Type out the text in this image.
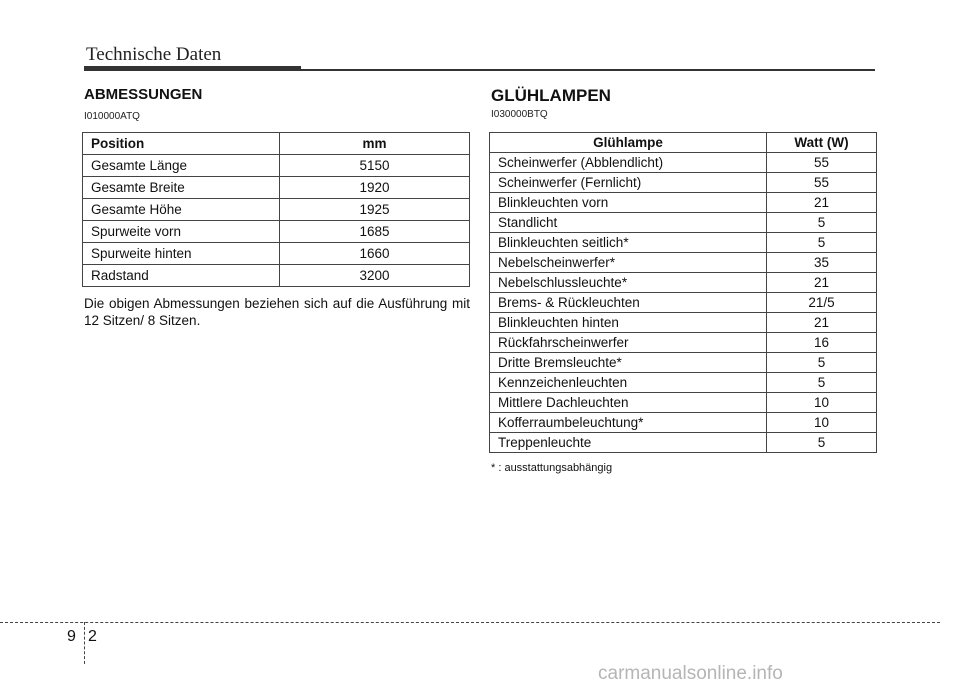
Technische Daten
ABMESSUNGEN
I010000ATQ
Position	mm
Gesamte Länge	5150
Gesamte Breite	1920
Gesamte Höhe	1925
Spurweite vorn	1685
Spurweite hinten	1660
Radstand	3200
Die obigen Abmessungen beziehen sich auf die Ausführung mit 12 Sitzen/ 8 Sitzen.
GLÜHLAMPEN
I030000BTQ
Glühlampe	Watt (W)
Scheinwerfer (Abblendlicht)	55
Scheinwerfer (Fernlicht)	55
Blinkleuchten vorn	21
Standlicht	5
Blinkleuchten seitlich*	5
Nebelscheinwerfer*	35
Nebelschlussleuchte*	21
Brems- & Rückleuchten	21/5
Blinkleuchten hinten	21
Rückfahrscheinwerfer	16
Dritte Bremsleuchte*	5
Kennzeichenleuchten	5
Mittlere Dachleuchten	10
Kofferraumbeleuchtung*	10
Treppenleuchte	5
* : ausstattungsabhängig
9 2
carmanualsonline.info
